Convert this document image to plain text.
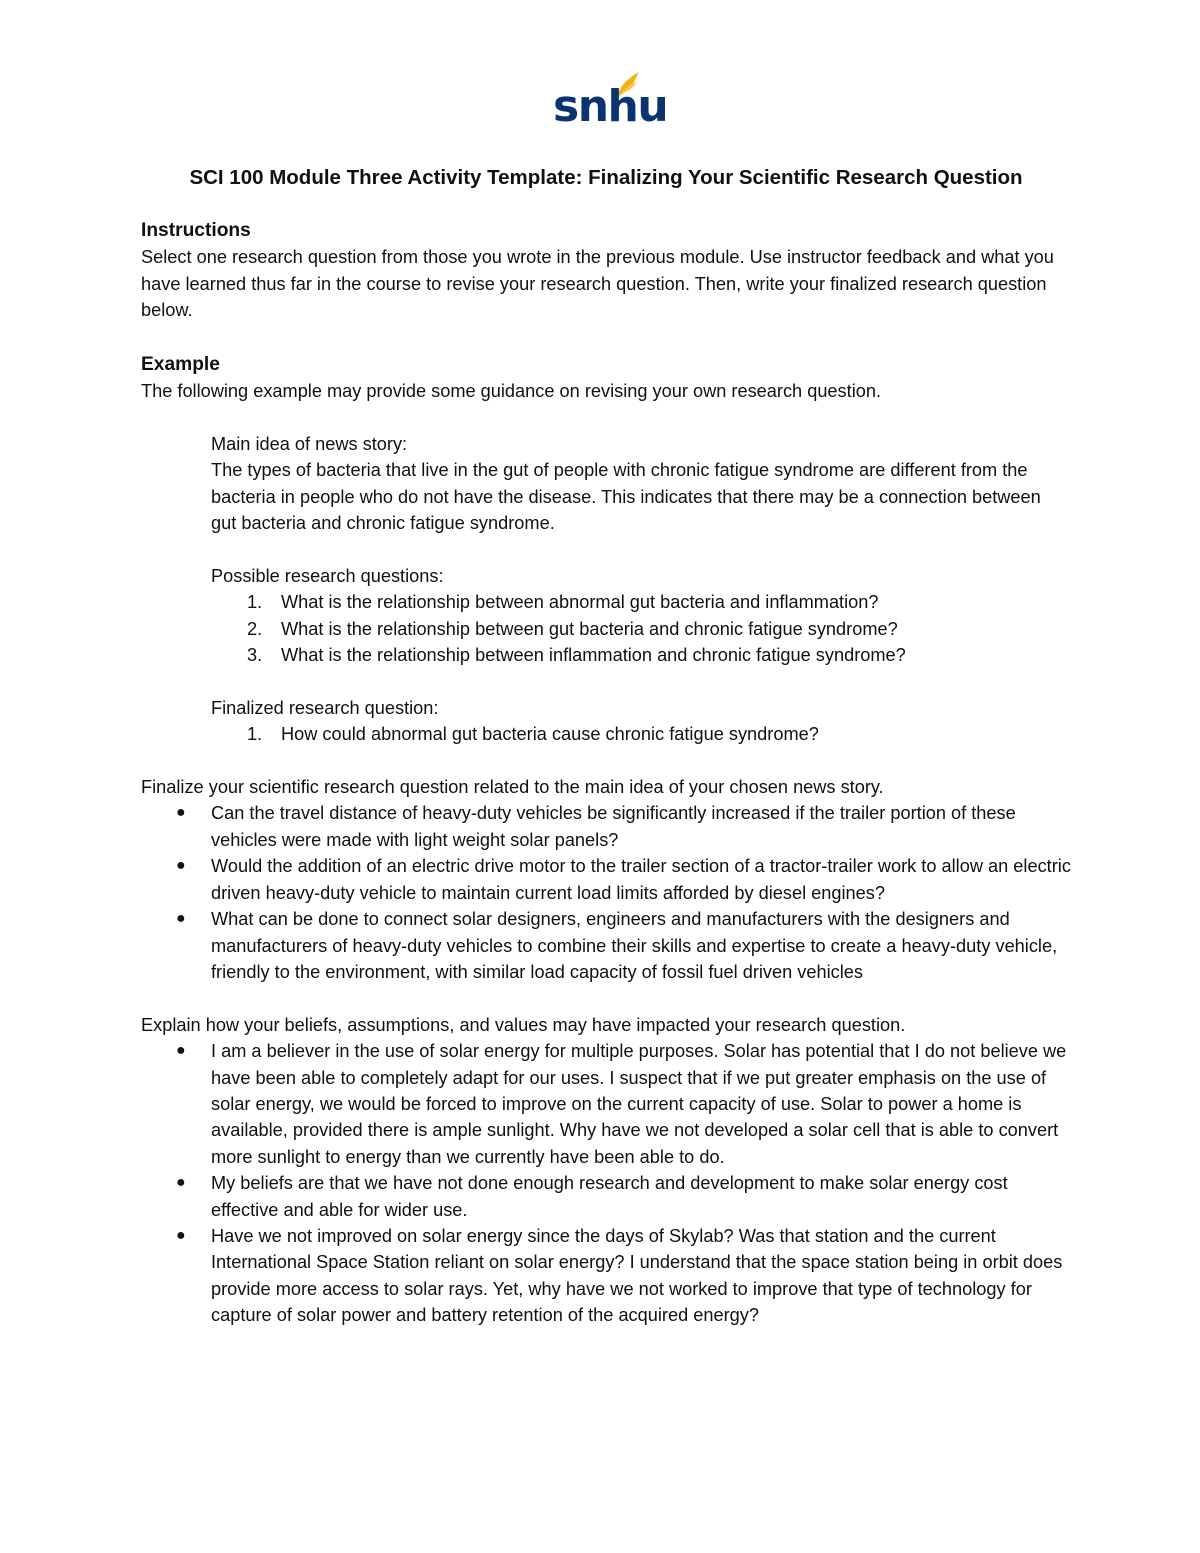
snhu
SCI 100 Module Three Activity Template: Finalizing Your Scientific Research Question
Instructions

Select one research question from those you wrote in the previous module. Use instructor feedback and what you have learned thus far in the course to revise your research question. Then, write your finalized research question below.

Example

The following example may provide some guidance on revising your own research question.

Main idea of news story:

The types of bacteria that live in the gut of people with chronic fatigue syndrome are different from the bacteria in people who do not have the disease. This indicates that there may be a connection between gut bacteria and chronic fatigue syndrome.

Possible research questions:

1. What is the relationship between abnormal gut bacteria and inflammation?
2. What is the relationship between gut bacteria and chronic fatigue syndrome?
3. What is the relationship between inflammation and chronic fatigue syndrome?

Finalized research question:

1. How could abnormal gut bacteria cause chronic fatigue syndrome?

Finalize your scientific research question related to the main idea of your chosen news story.

● Can the travel distance of heavy-duty vehicles be significantly increased if the trailer portion of these vehicles were made with light weight solar panels?
● Would the addition of an electric drive motor to the trailer section of a tractor-trailer work to allow an electric driven heavy-duty vehicle to maintain current load limits afforded by diesel engines?
● What can be done to connect solar designers, engineers and manufacturers with the designers and manufacturers of heavy-duty vehicles to combine their skills and expertise to create a heavy-duty vehicle, friendly to the environment, with similar load capacity of fossil fuel driven vehicles

Explain how your beliefs, assumptions, and values may have impacted your research question.

● I am a believer in the use of solar energy for multiple purposes. Solar has potential that I do not believe we have been able to completely adapt for our uses. I suspect that if we put greater emphasis on the use of solar energy, we would be forced to improve on the current capacity of use. Solar to power a home is available, provided there is ample sunlight. Why have we not developed a solar cell that is able to convert more sunlight to energy than we currently have been able to do.
● My beliefs are that we have not done enough research and development to make solar energy cost effective and able for wider use.
● Have we not improved on solar energy since the days of Skylab? Was that station and the current International Space Station reliant on solar energy? I understand that the space station being in orbit does provide more access to solar rays. Yet, why have we not worked to improve that type of technology for capture of solar power and battery retention of the acquired energy?
